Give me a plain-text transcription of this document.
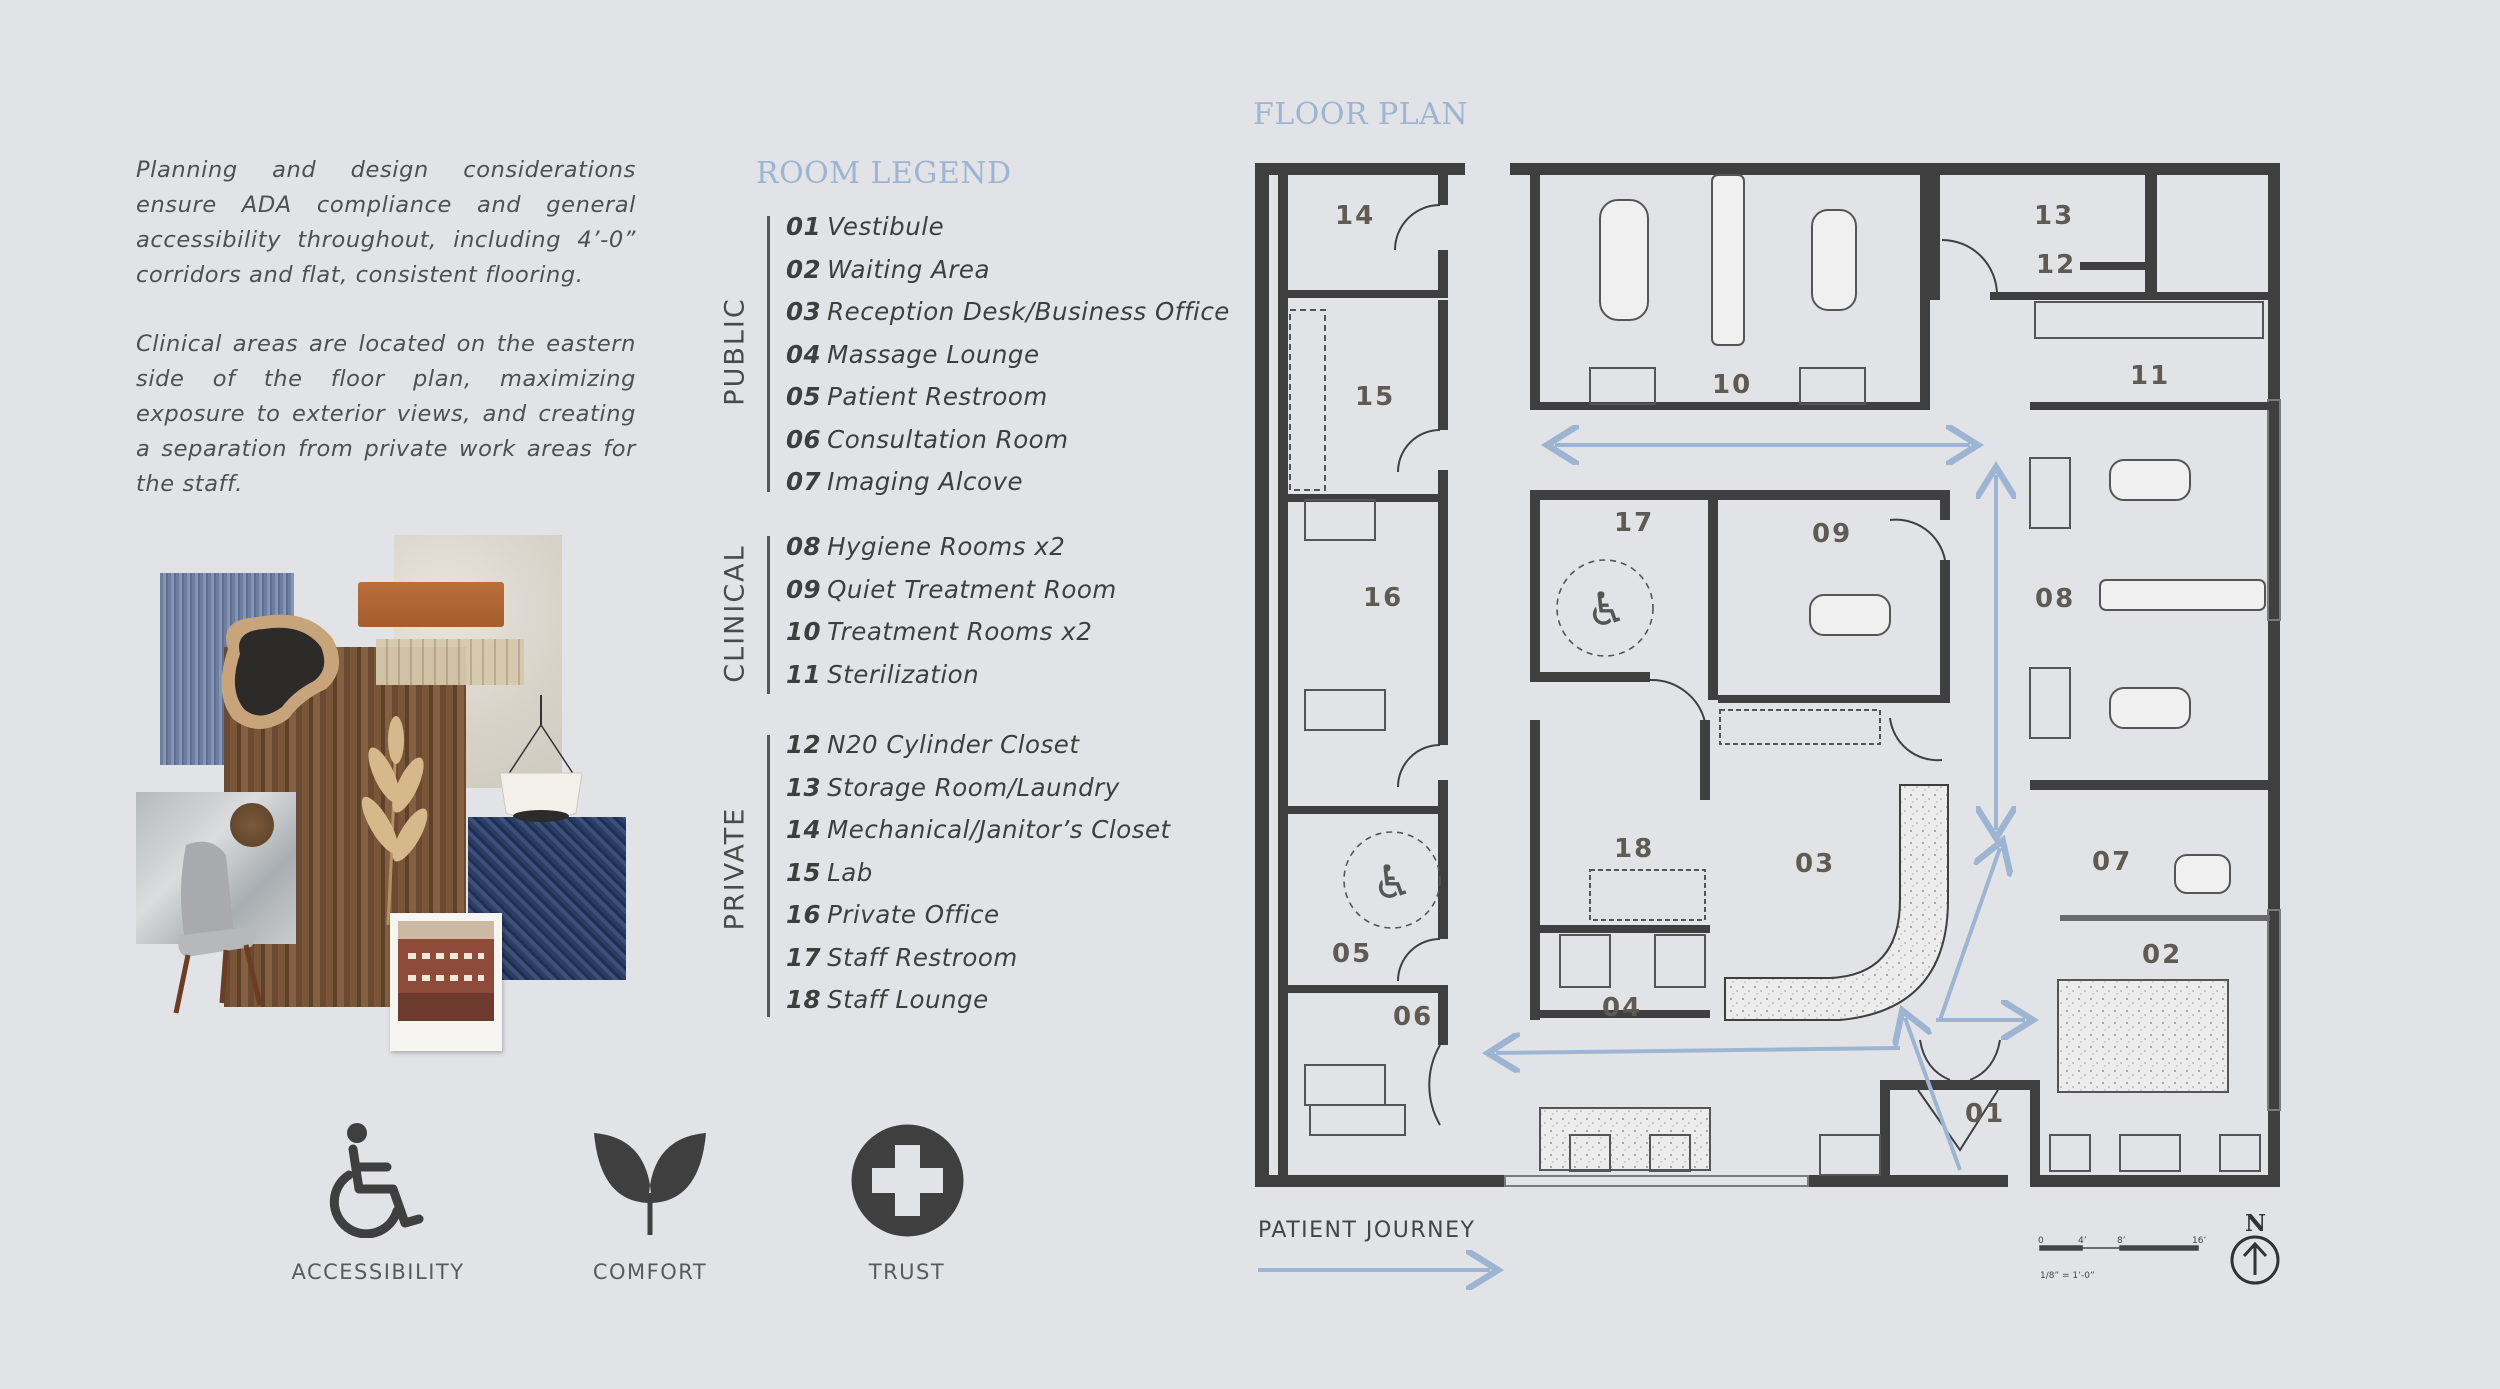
Planning and design considerations ensure ADA compliance and general accessibility throughout, including 4’-0” corridors and flat, consistent flooring.
Clinical areas are located on the eastern side of the floor plan, maximizing exposure to exterior views, and creating a separation from private work areas for the staff.
ACCESSIBILITY	COMFORT	TRUST
ROOM LEGEND
PUBLIC
01 Vestibule
02 Waiting Area
03 Reception Desk/Business Office
04 Massage Lounge
05 Patient Restroom
06 Consultation Room
07 Imaging Alcove
CLINICAL 08 Hygiene Rooms x2
09 Quiet Treatment Room
10 Treatment Rooms x2
11 Sterilization
PRIVATE
12 N20 Cylinder Closet
13 Storage Room/Laundry
14 Mechanical/Janitor’s Closet
15 Lab
16 Private Office
17 Staff Restroom
18 Staff Lounge
FLOOR PLAN
♿
♿
01
02
03
04
05
06
07
08
09
10	11
12
13
14
15
16
17
18
0	4’	8’	16’
1/8” = 1’-0”
N
PATIENT JOURNEY
